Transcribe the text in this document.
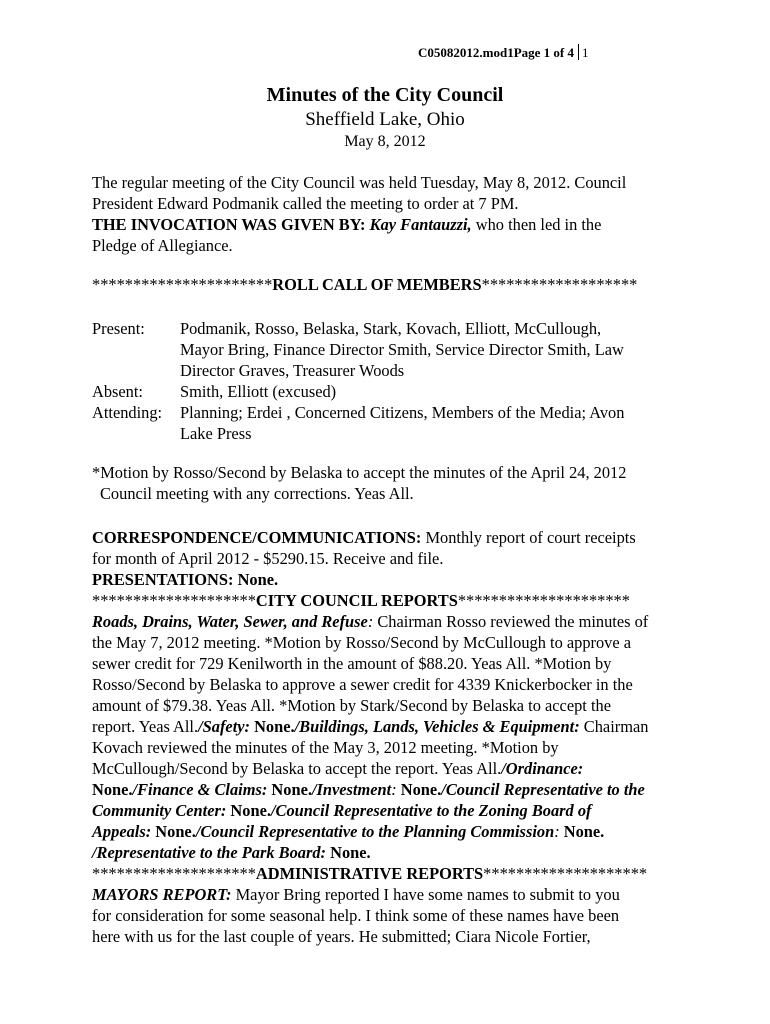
C05082012.mod1Page 1 of 4 1
Minutes of the City Council
Sheffield Lake, Ohio
May 8, 2012
The regular meeting of the City Council was held Tuesday, May 8, 2012. Council
President Edward Podmanik called the meeting to order at 7 PM.
THE INVOCATION WAS GIVEN BY: Kay Fantauzzi, who then led in the
Pledge of Allegiance.
**********************ROLL CALL OF MEMBERS*******************
Present:	Podmanik, Rosso, Belaska, Stark, Kovach, Elliott, McCullough,
Mayor Bring, Finance Director Smith, Service Director Smith, Law
Director Graves, Treasurer Woods

Absent:	Smith, Elliott (excused)
Attending:	Planning; Erdei , Concerned Citizens, Members of the Media; Avon
Lake Press
*Motion by Rosso/Second by Belaska to accept the minutes of the April 24, 2012
Council meeting with any corrections. Yeas All.
CORRESPONDENCE/COMMUNICATIONS: Monthly report of court receipts
for month of April 2012 - $5290.15. Receive and file.
PRESENTATIONS: None.
********************CITY COUNCIL REPORTS*********************
Roads, Drains, Water, Sewer, and Refuse: Chairman Rosso reviewed the minutes of
the May 7, 2012 meeting. *Motion by Rosso/Second by McCullough to approve a
sewer credit for 729 Kenilworth in the amount of $88.20. Yeas All. *Motion by
Rosso/Second by Belaska to approve a sewer credit for 4339 Knickerbocker in the
amount of $79.38. Yeas All. *Motion by Stark/Second by Belaska to accept the
report. Yeas All./Safety: None./Buildings, Lands, Vehicles & Equipment: Chairman
Kovach reviewed the minutes of the May 3, 2012 meeting. *Motion by
McCullough/Second by Belaska to accept the report. Yeas All./Ordinance:
None./Finance & Claims: None./Investment: None./Council Representative to the
Community Center: None./Council Representative to the Zoning Board of
Appeals: None./Council Representative to the Planning Commission: None.
/Representative to the Park Board: None.
********************ADMINISTRATIVE REPORTS********************
MAYORS REPORT: Mayor Bring reported I have some names to submit to you
for consideration for some seasonal help. I think some of these names have been
here with us for the last couple of years. He submitted; Ciara Nicole Fortier,
